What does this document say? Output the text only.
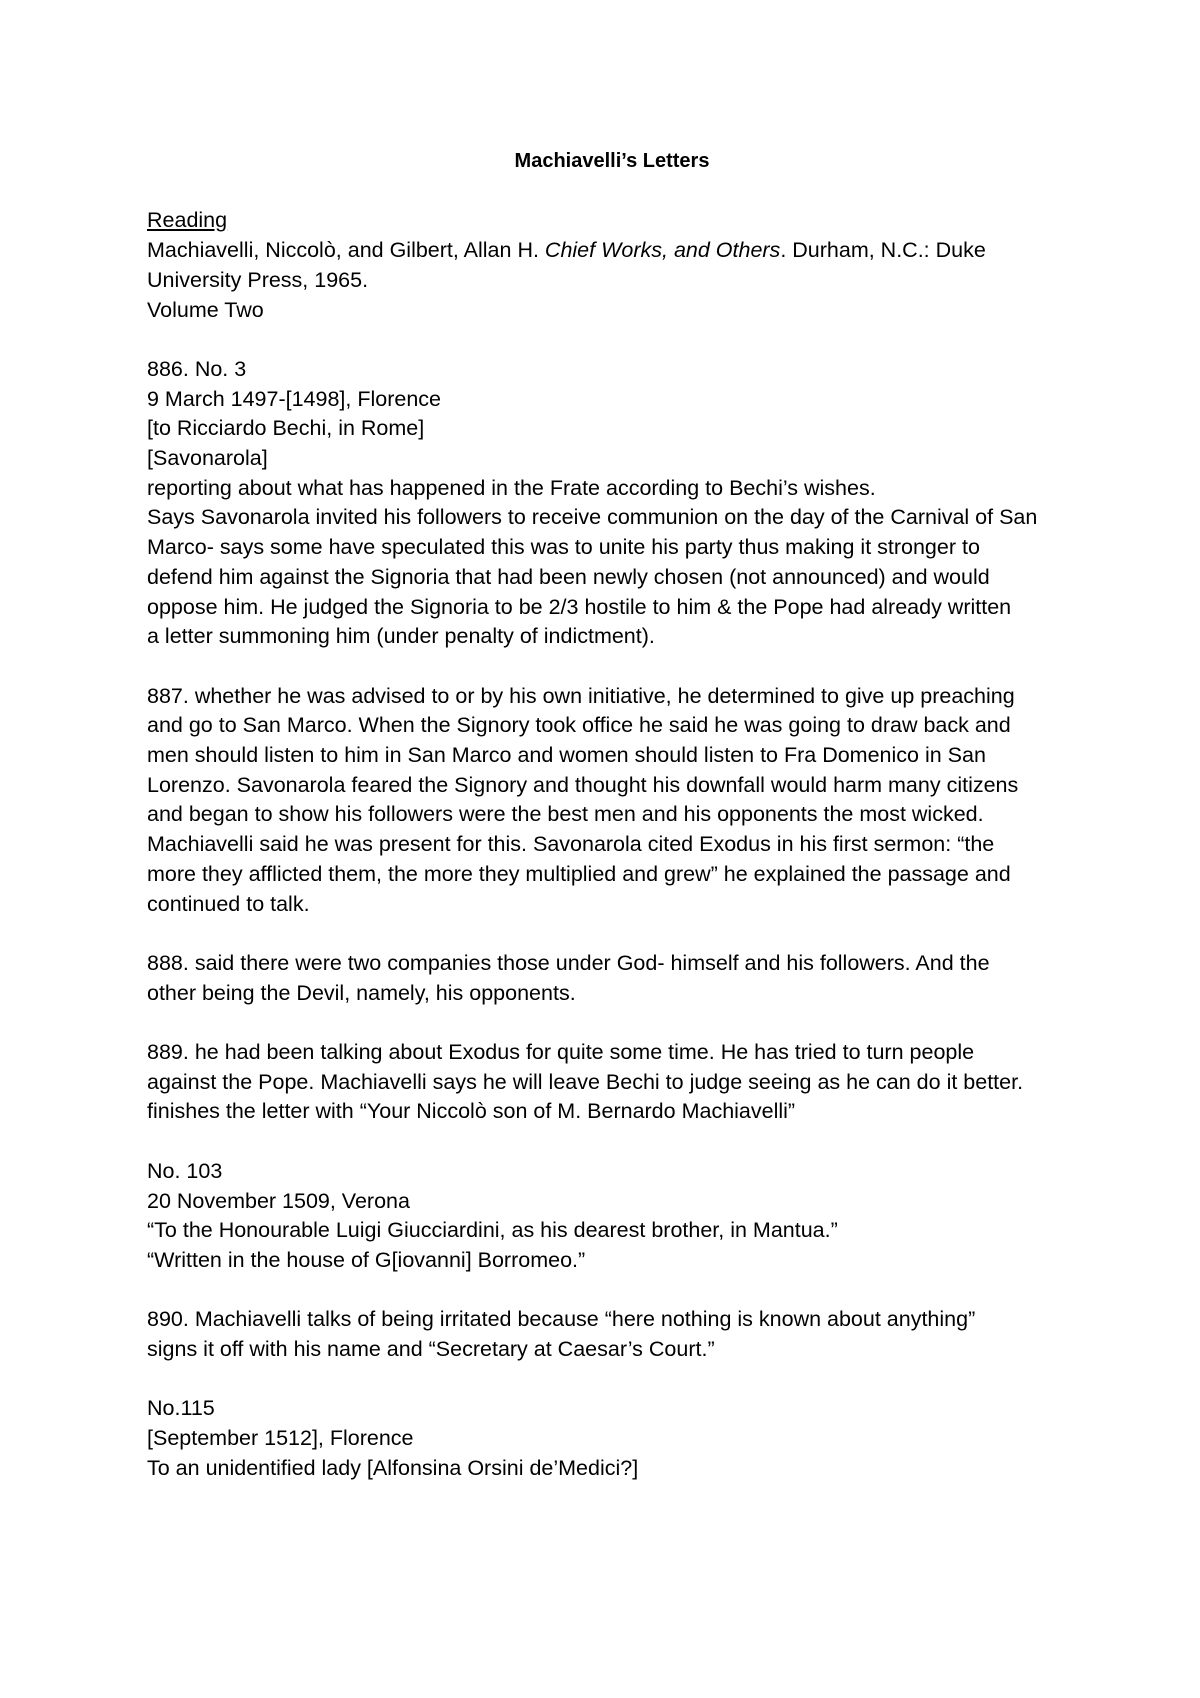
Machiavelli’s Letters
Reading
Machiavelli, Niccolò, and Gilbert, Allan H. Chief Works, and Others. Durham, N.C.: Duke
University Press, 1965.
Volume Two
886. No. 3
9 March 1497-[1498], Florence
[to Ricciardo Bechi, in Rome]
[Savonarola]
reporting about what has happened in the Frate according to Bechi’s wishes.
Says Savonarola invited his followers to receive communion on the day of the Carnival of San
Marco- says some have speculated this was to unite his party thus making it stronger to
defend him against the Signoria that had been newly chosen (not announced) and would
oppose him. He judged the Signoria to be 2/3 hostile to him & the Pope had already written
a letter summoning him (under penalty of indictment).
887. whether he was advised to or by his own initiative, he determined to give up preaching
and go to San Marco. When the Signory took office he said he was going to draw back and
men should listen to him in San Marco and women should listen to Fra Domenico in San
Lorenzo. Savonarola feared the Signory and thought his downfall would harm many citizens
and began to show his followers were the best men and his opponents the most wicked.
Machiavelli said he was present for this. Savonarola cited Exodus in his first sermon: “the
more they afflicted them, the more they multiplied and grew” he explained the passage and
continued to talk.
888. said there were two companies those under God- himself and his followers. And the
other being the Devil, namely, his opponents.
889. he had been talking about Exodus for quite some time. He has tried to turn people
against the Pope. Machiavelli says he will leave Bechi to judge seeing as he can do it better.
finishes the letter with “Your Niccolò son of M. Bernardo Machiavelli”
No. 103
20 November 1509, Verona
“To the Honourable Luigi Giucciardini, as his dearest brother, in Mantua.”
“Written in the house of G[iovanni] Borromeo.”
890. Machiavelli talks of being irritated because “here nothing is known about anything”
signs it off with his name and “Secretary at Caesar’s Court.”
No.115
[September 1512], Florence
To an unidentified lady [Alfonsina Orsini de’Medici?]
